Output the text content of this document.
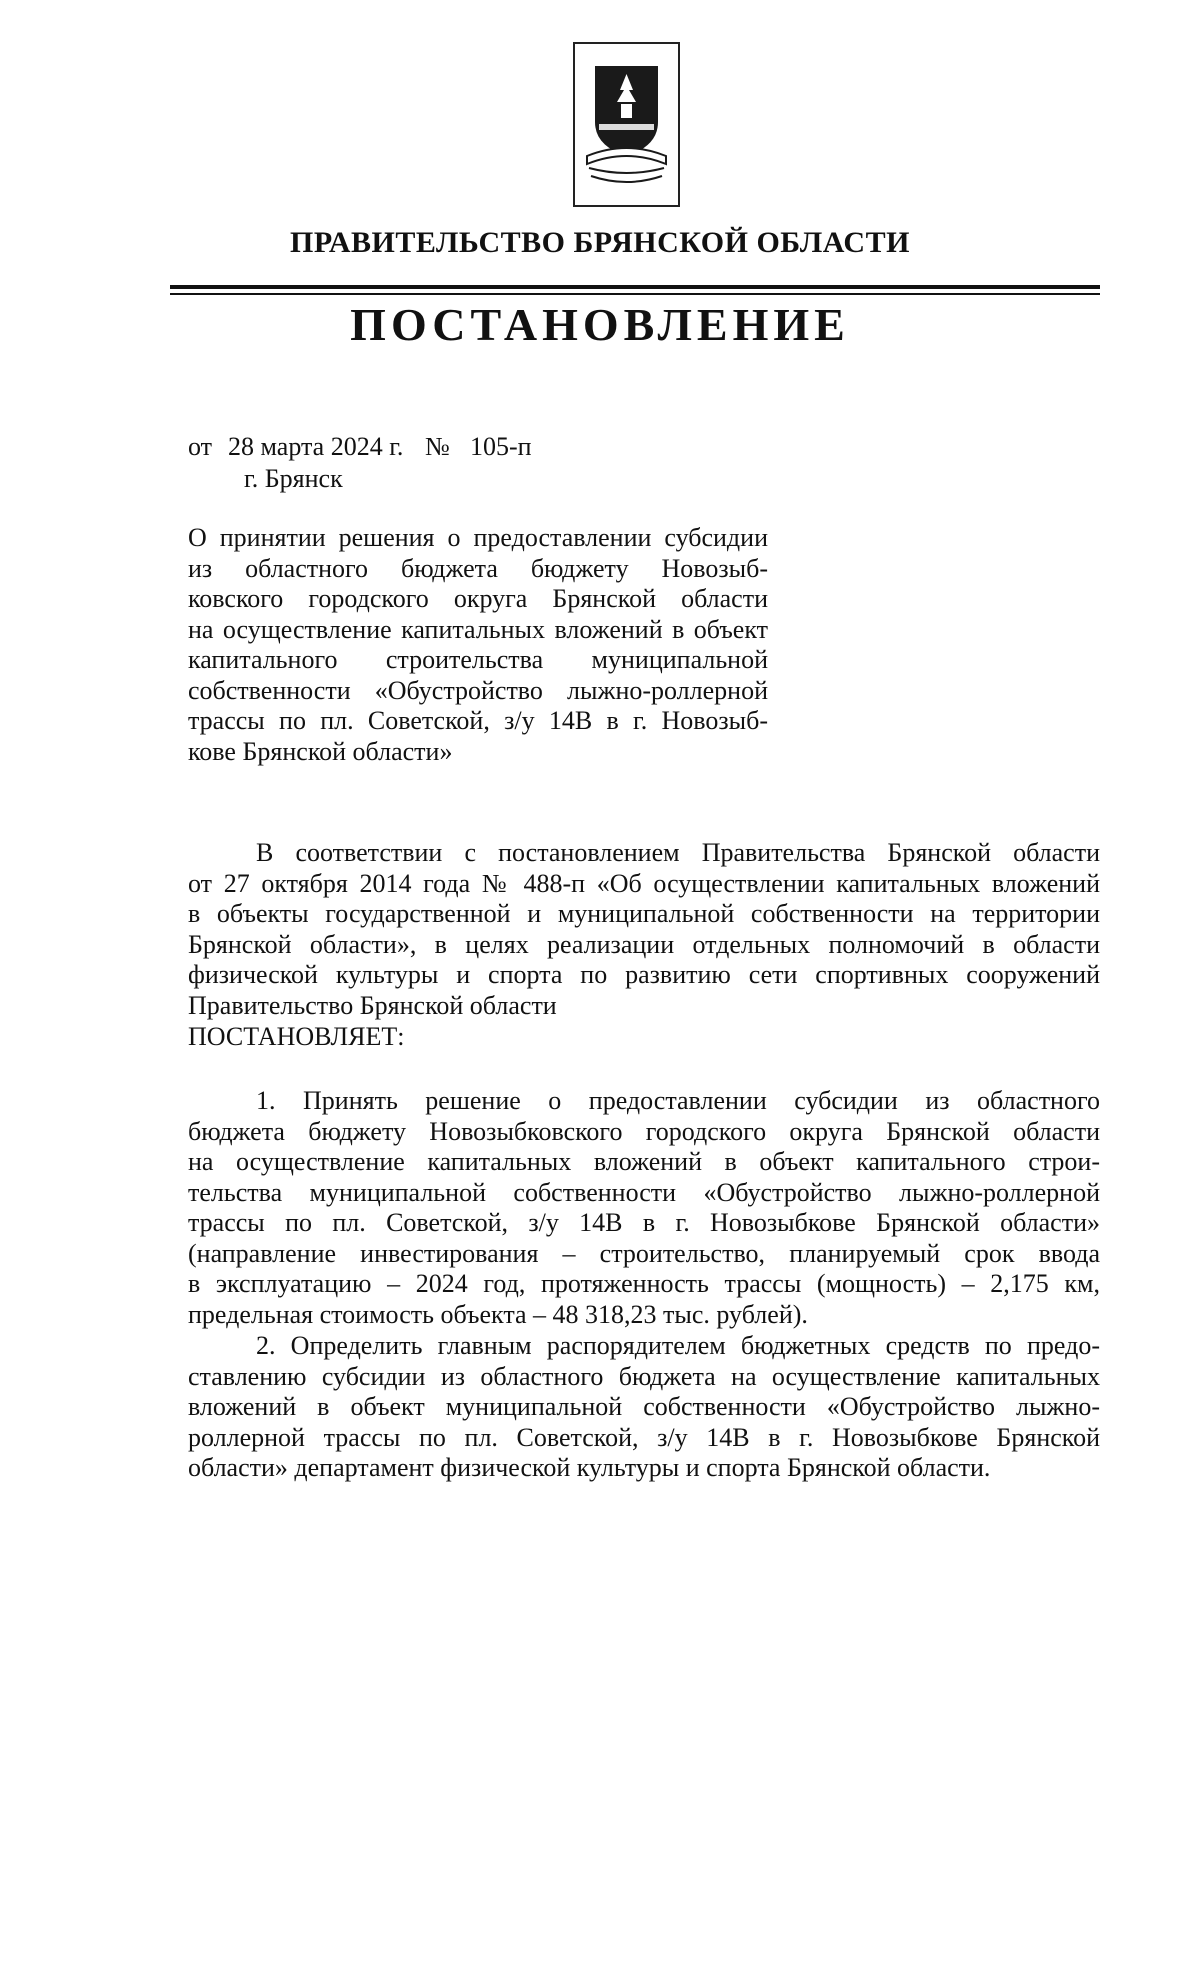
ПРАВИТЕЛЬСТВО БРЯНСКОЙ ОБЛАСТИ
ПОСТАНОВЛЕНИЕ
от 28 марта 2024 г. № 105-п
г. Брянск
О принятии решения о предоставлении субсидии
из областного бюджета бюджету Новозыб-
ковского городского округа Брянской области
на осуществление капитальных вложений в объект
капитального строительства муниципальной
собственности «Обустройство лыжно-роллерной
трассы по пл. Советской, з/у 14В в г. Новозыб-
кове Брянской области»
В соответствии с постановлением Правительства Брянской области
от 27 октября 2014 года № 488-п «Об осуществлении капитальных вложений
в объекты государственной и муниципальной собственности на территории
Брянской области», в целях реализации отдельных полномочий в области
физической культуры и спорта по развитию сети спортивных сооружений
Правительство Брянской области
ПОСТАНОВЛЯЕТ:
1. Принять решение о предоставлении субсидии из областного
бюджета бюджету Новозыбковского городского округа Брянской области
на осуществление капитальных вложений в объект капитального строи-
тельства муниципальной собственности «Обустройство лыжно-роллерной
трассы по пл. Советской, з/у 14В в г. Новозыбкове Брянской области»
(направление инвестирования – строительство, планируемый срок ввода
в эксплуатацию – 2024 год, протяженность трассы (мощность) – 2,175 км,
предельная стоимость объекта – 48 318,23 тыс. рублей).
2. Определить главным распорядителем бюджетных средств по предо-
ставлению субсидии из областного бюджета на осуществление капитальных
вложений в объект муниципальной собственности «Обустройство лыжно-
роллерной трассы по пл. Советской, з/у 14В в г. Новозыбкове Брянской
области» департамент физической культуры и спорта Брянской области.
